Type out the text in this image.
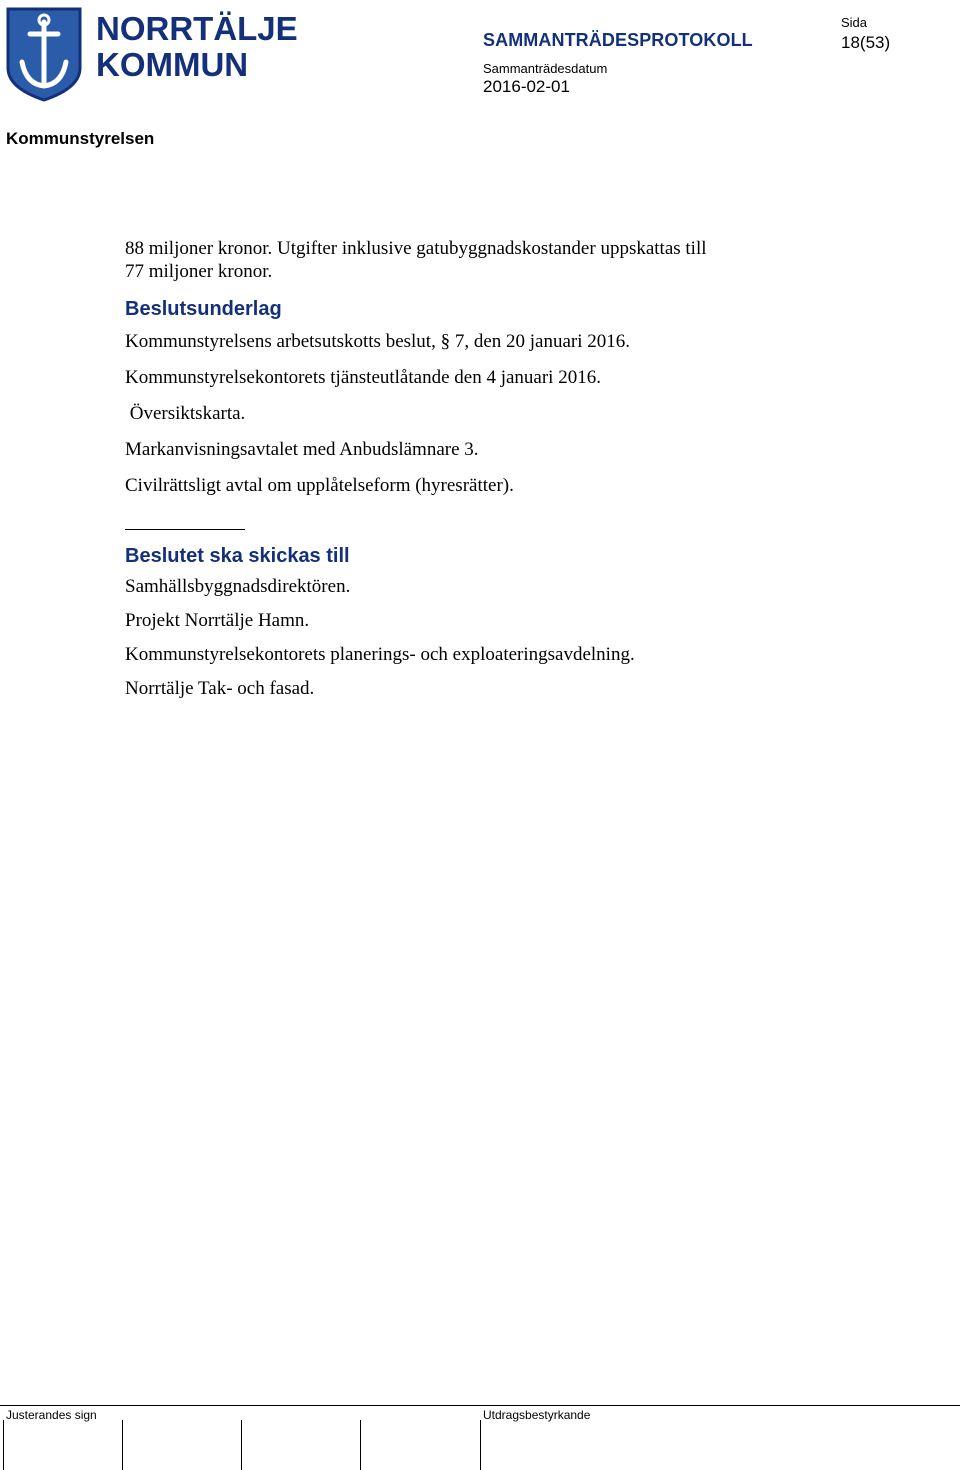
NORRTÄLJE
KOMMUN
SAMMANTRÄDESPROTOKOLL
Sida
18(53)
Sammanträdesdatum
2016-02-01
Kommunstyrelsen
88 miljoner kronor. Utgifter inklusive gatubyggnadskostander uppskattas till
77 miljoner kronor.
Beslutsunderlag
Kommunstyrelsens arbetsutskotts beslut, § 7, den 20 januari 2016.
Kommunstyrelsekontorets tjänsteutlåtande den 4 januari 2016.
Översiktskarta.
Markanvisningsavtalet med Anbudslämnare 3.
Civilrättsligt avtal om upplåtelseform (hyresrätter).
Beslutet ska skickas till
Samhällsbyggnadsdirektören.
Projekt Norrtälje Hamn.
Kommunstyrelsekontorets planerings- och exploateringsavdelning.
Norrtälje Tak- och fasad.
Justerandes sign	Utdragsbestyrkande
